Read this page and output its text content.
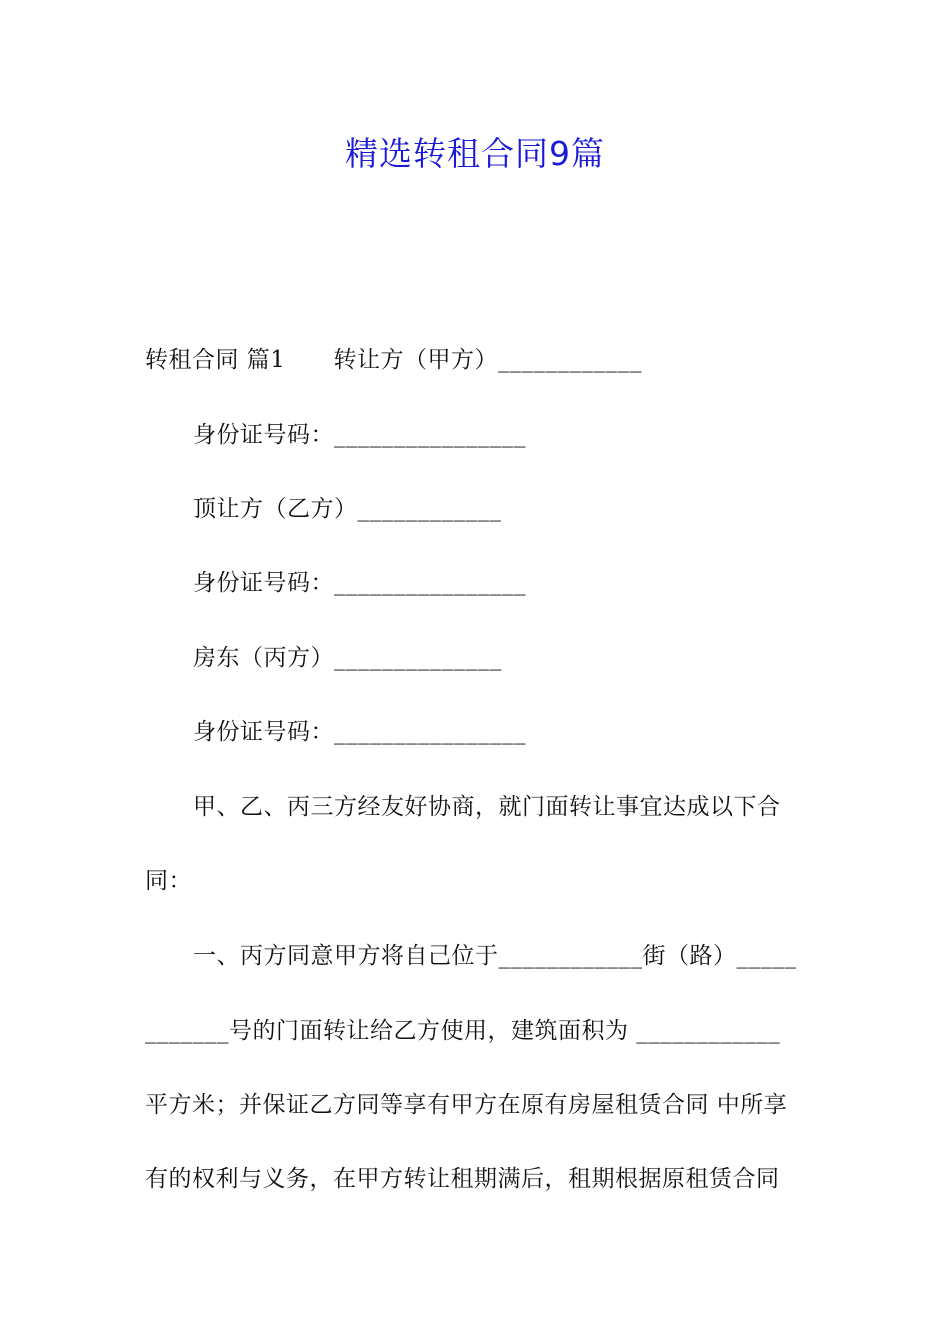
精选转租合同9篇
转租合同 篇1 转让方（甲方）____________
身份证号码：________________
顶让方（乙方）____________
身份证号码：________________
房东（丙方）______________
身份证号码：________________
甲、乙、丙三方经友好协商，就门面转让事宜达成以下合
同：
一、丙方同意甲方将自己位于____________街（路）_____
_______号的门面转让给乙方使用，建筑面积为 ____________
平方米；并保证乙方同等享有甲方在原有房屋租赁合同 中所享
有的权利与义务，在甲方转让租期满后，租期根据原租赁合同
